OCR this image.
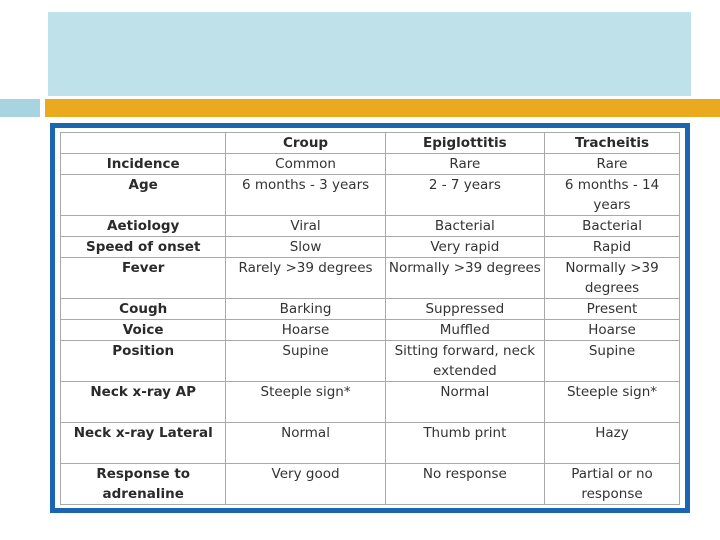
	Croup	Epiglottitis	Tracheitis
Incidence	Common	Rare	Rare
Age	6 months - 3 years	2 - 7 years	6 months - 14 years
Aetiology	Viral	Bacterial	Bacterial
Speed of onset	Slow	Very rapid	Rapid
Fever	Rarely >39 degrees	Normally >39 degrees	Normally >39 degrees
Cough	Barking	Suppressed	Present
Voice	Hoarse	Muffled	Hoarse
Position	Supine	Sitting forward, neck extended	Supine
Neck x-ray AP	Steeple sign*	Normal	Steeple sign*
Neck x-ray Lateral	Normal	Thumb print	Hazy
Response to adrenaline	Very good	No response	Partial or no response
